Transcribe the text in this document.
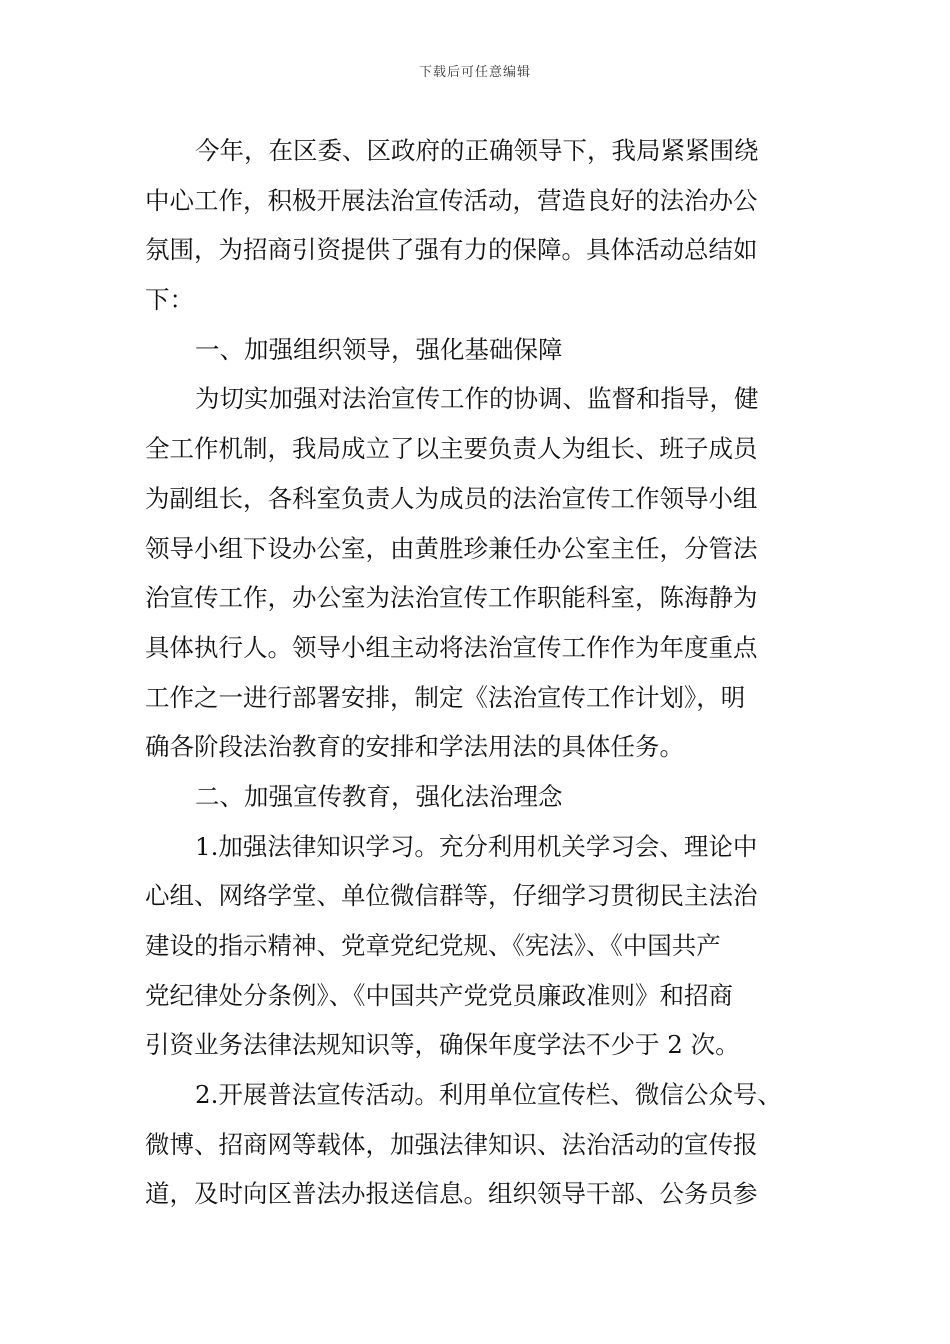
下载后可任意编辑
今年，在区委、区政府的正确领导下，我局紧紧围绕
中心工作，积极开展法治宣传活动，营造良好的法治办公
氛围，为招商引资提供了强有力的保障。具体活动总结如
下：
一、加强组织领导，强化基础保障
为切实加强对法治宣传工作的协调、监督和指导，健
全工作机制，我局成立了以主要负责人为组长、班子成员
为副组长，各科室负责人为成员的法治宣传工作领导小组
领导小组下设办公室，由黄胜珍兼任办公室主任，分管法
治宣传工作，办公室为法治宣传工作职能科室，陈海静为
具体执行人。领导小组主动将法治宣传工作作为年度重点
工作之一进行部署安排，制定《法治宣传工作计划》，明
确各阶段法治教育的安排和学法用法的具体任务。
二、加强宣传教育，强化法治理念
1.加强法律知识学习。充分利用机关学习会、理论中
心组、网络学堂、单位微信群等，仔细学习贯彻民主法治
建设的指示精神、党章党纪党规、《宪法》、《中国共产
党纪律处分条例》、《中国共产党党员廉政准则》和招商
引资业务法律法规知识等，确保年度学法不少于 2 次。
2.开展普法宣传活动。利用单位宣传栏、微信公众号、
微博、招商网等载体，加强法律知识、法治活动的宣传报
道，及时向区普法办报送信息。组织领导干部、公务员参
